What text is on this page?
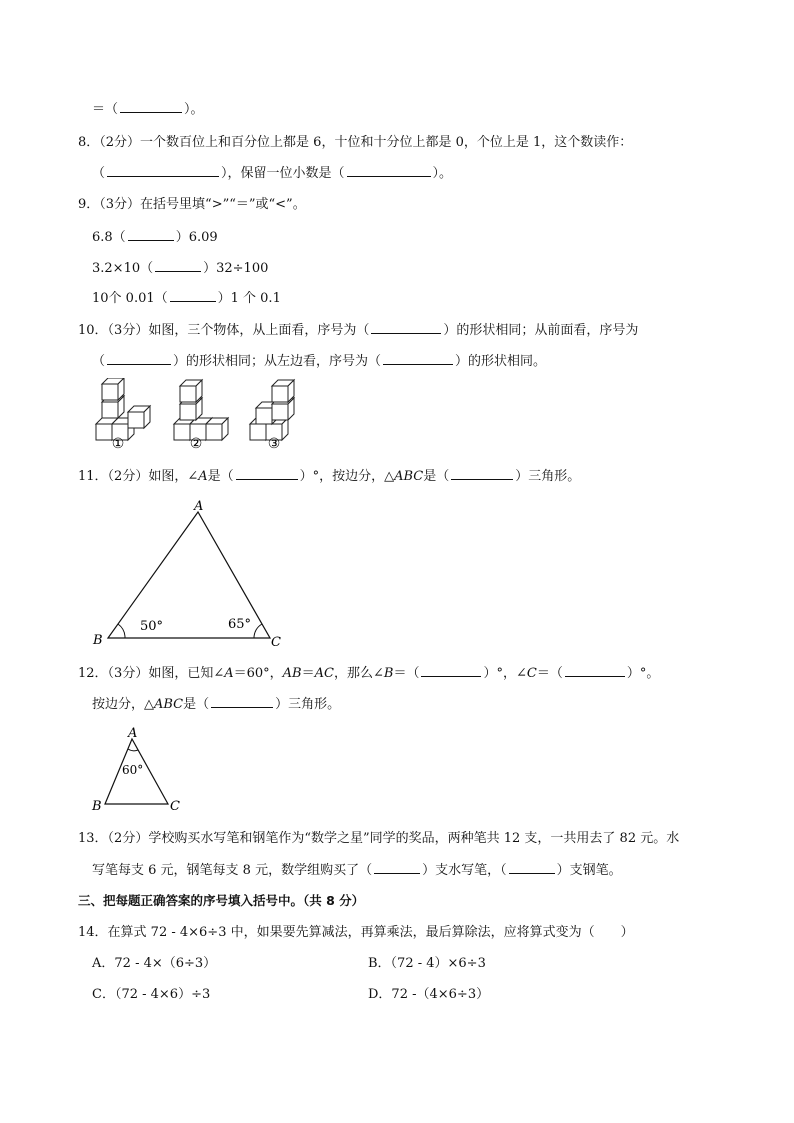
＝（	）。
8．（2分）一个数百位上和百分位上都是 6，十位和十分位上都是 0，个位上是 1，这个数读作：
（	），保留一位小数是（	）。
9．（3分）在括号里填“>”“＝”或“<”。
6.8（	）6.09
3.2×10（	）32÷100
10个 0.01（	）1 个 0.1
10．（3分）如图，三个物体，从上面看，序号为（	）的形状相同；从前面看，序号为
（	）的形状相同；从左边看，序号为（	）的形状相同。
①	②	③
11．（2分）如图，∠A是（	）°，按边分，△ABC是（	）三角形。
A
B	C
50°	65°
12．（3分）如图，已知∠A＝60°，AB＝AC，那么∠B＝（	）°，∠C＝（	）°。
按边分，△ABC是（	）三角形。
A
B	C
60°
13．（2分）学校购买水写笔和钢笔作为“数学之星”同学的奖品，两种笔共 12 支，一共用去了 82 元。水
写笔每支 6 元，钢笔每支 8 元，数学组购买了（	）支水写笔，（	）支钢笔。
三、把每题正确答案的序号填入括号中。（共 8 分）
14．在算式 72 - 4×6÷3 中，如果要先算减法，再算乘法，最后算除法，应将算式变为（　　）
A．72 - 4×（6÷3）	B．（72 - 4）×6÷3
C．（72 - 4×6）÷3	D．72 -（4×6÷3）
